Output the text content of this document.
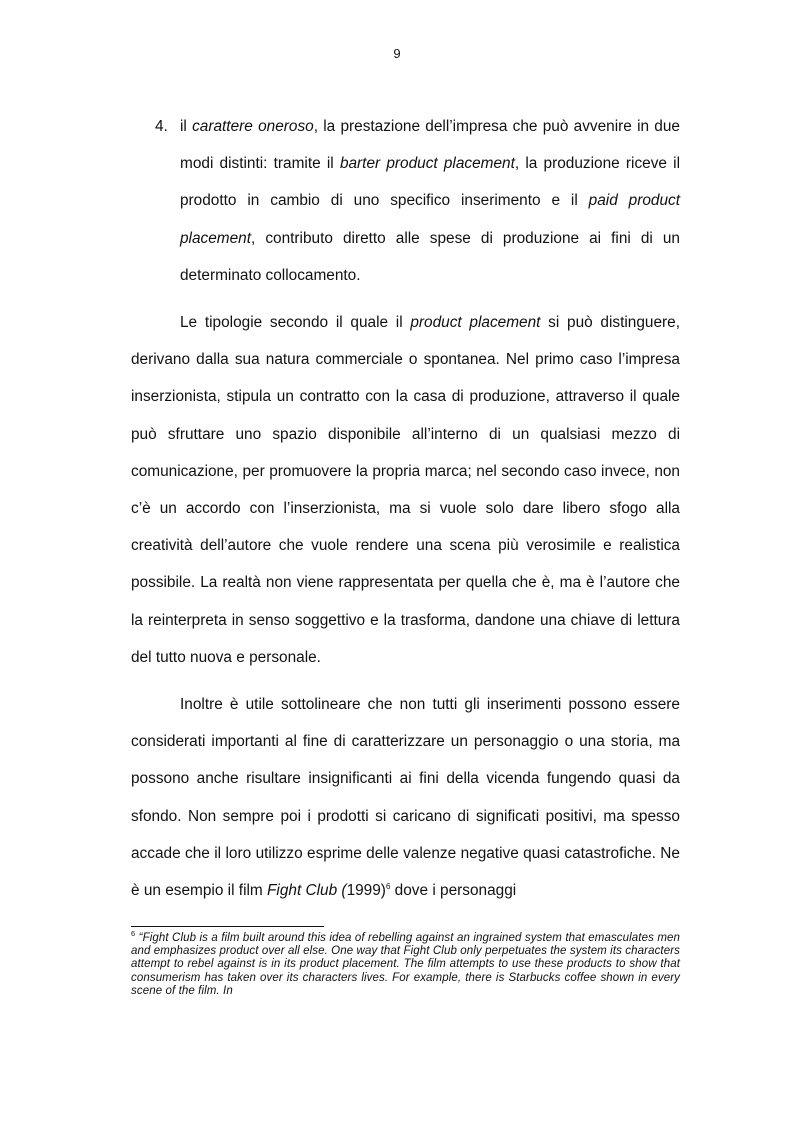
9

4. il carattere oneroso, la prestazione dell’impresa che può avvenire in due modi distinti: tramite il barter product placement, la produzione riceve il prodotto in cambio di uno specifico inserimento e il paid product placement, contributo diretto alle spese di produzione ai fini di un determinato collocamento.

Le tipologie secondo il quale il product placement si può distinguere, derivano dalla sua natura commerciale o spontanea. Nel primo caso l’impresa inserzionista, stipula un contratto con la casa di produzione, attraverso il quale può sfruttare uno spazio disponibile all’interno di un qualsiasi mezzo di comunicazione, per promuovere la propria marca; nel secondo caso invece, non c’è un accordo con l’inserzionista, ma si vuole solo dare libero sfogo alla creatività dell’autore che vuole rendere una scena più verosimile e realistica possibile. La realtà non viene rappresentata per quella che è, ma è l’autore che la reinterpreta in senso soggettivo e la trasforma, dandone una chiave di lettura del tutto nuova e personale.

Inoltre è utile sottolineare che non tutti gli inserimenti possono essere considerati importanti al fine di caratterizzare un personaggio o una storia, ma possono anche risultare insignificanti ai fini della vicenda fungendo quasi da sfondo. Non sempre poi i prodotti si caricano di significati positivi, ma spesso accade che il loro utilizzo esprime delle valenze negative quasi catastrofiche. Ne è un esempio il film Fight Club $(1999)^6$ dove i personaggi

$^6$ “Fight Club is a film built around this idea of rebelling against an ingrained system that emasculates men and emphasizes product over all else. One way that Fight Club only perpetuates the system its characters attempt to rebel against is in its product placement. The film attempts to use these products to show that consumerism has taken over its characters lives. For example, there is Starbucks coffee shown in every scene of the film. In
